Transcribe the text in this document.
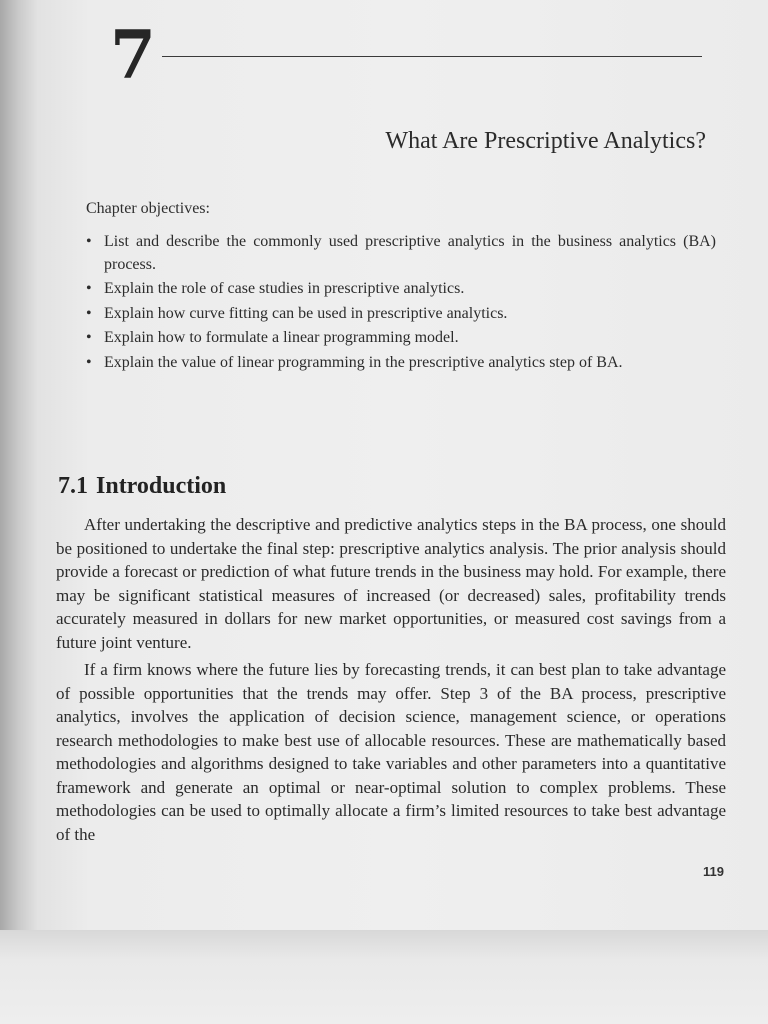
7
What Are Prescriptive Analytics?
Chapter objectives:
• List and describe the commonly used prescriptive analytics in the business analytics (BA) process.
• Explain the role of case studies in prescriptive analytics.
• Explain how curve fitting can be used in prescriptive analytics.
• Explain how to formulate a linear programming model.
• Explain the value of linear programming in the prescriptive analytics step of BA.
7.1 Introduction

After undertaking the descriptive and predictive analytics steps in the BA process, one should be positioned to undertake the final step: prescriptive analytics analysis. The prior analysis should provide a forecast or prediction of what future trends in the business may hold. For example, there may be significant statistical measures of increased (or decreased) sales, profitability trends accurately measured in dollars for new market opportunities, or measured cost savings from a future joint venture.

If a firm knows where the future lies by forecasting trends, it can best plan to take advantage of possible opportunities that the trends may offer. Step 3 of the BA process, prescriptive analytics, involves the application of decision science, management science, or operations research methodologies to make best use of allocable resources. These are mathematically based methodologies and algorithms designed to take variables and other parameters into a quantitative framework and generate an optimal or near-optimal solution to complex problems. These methodologies can be used to optimally allocate a firm’s limited resources to take best advantage of the

119
